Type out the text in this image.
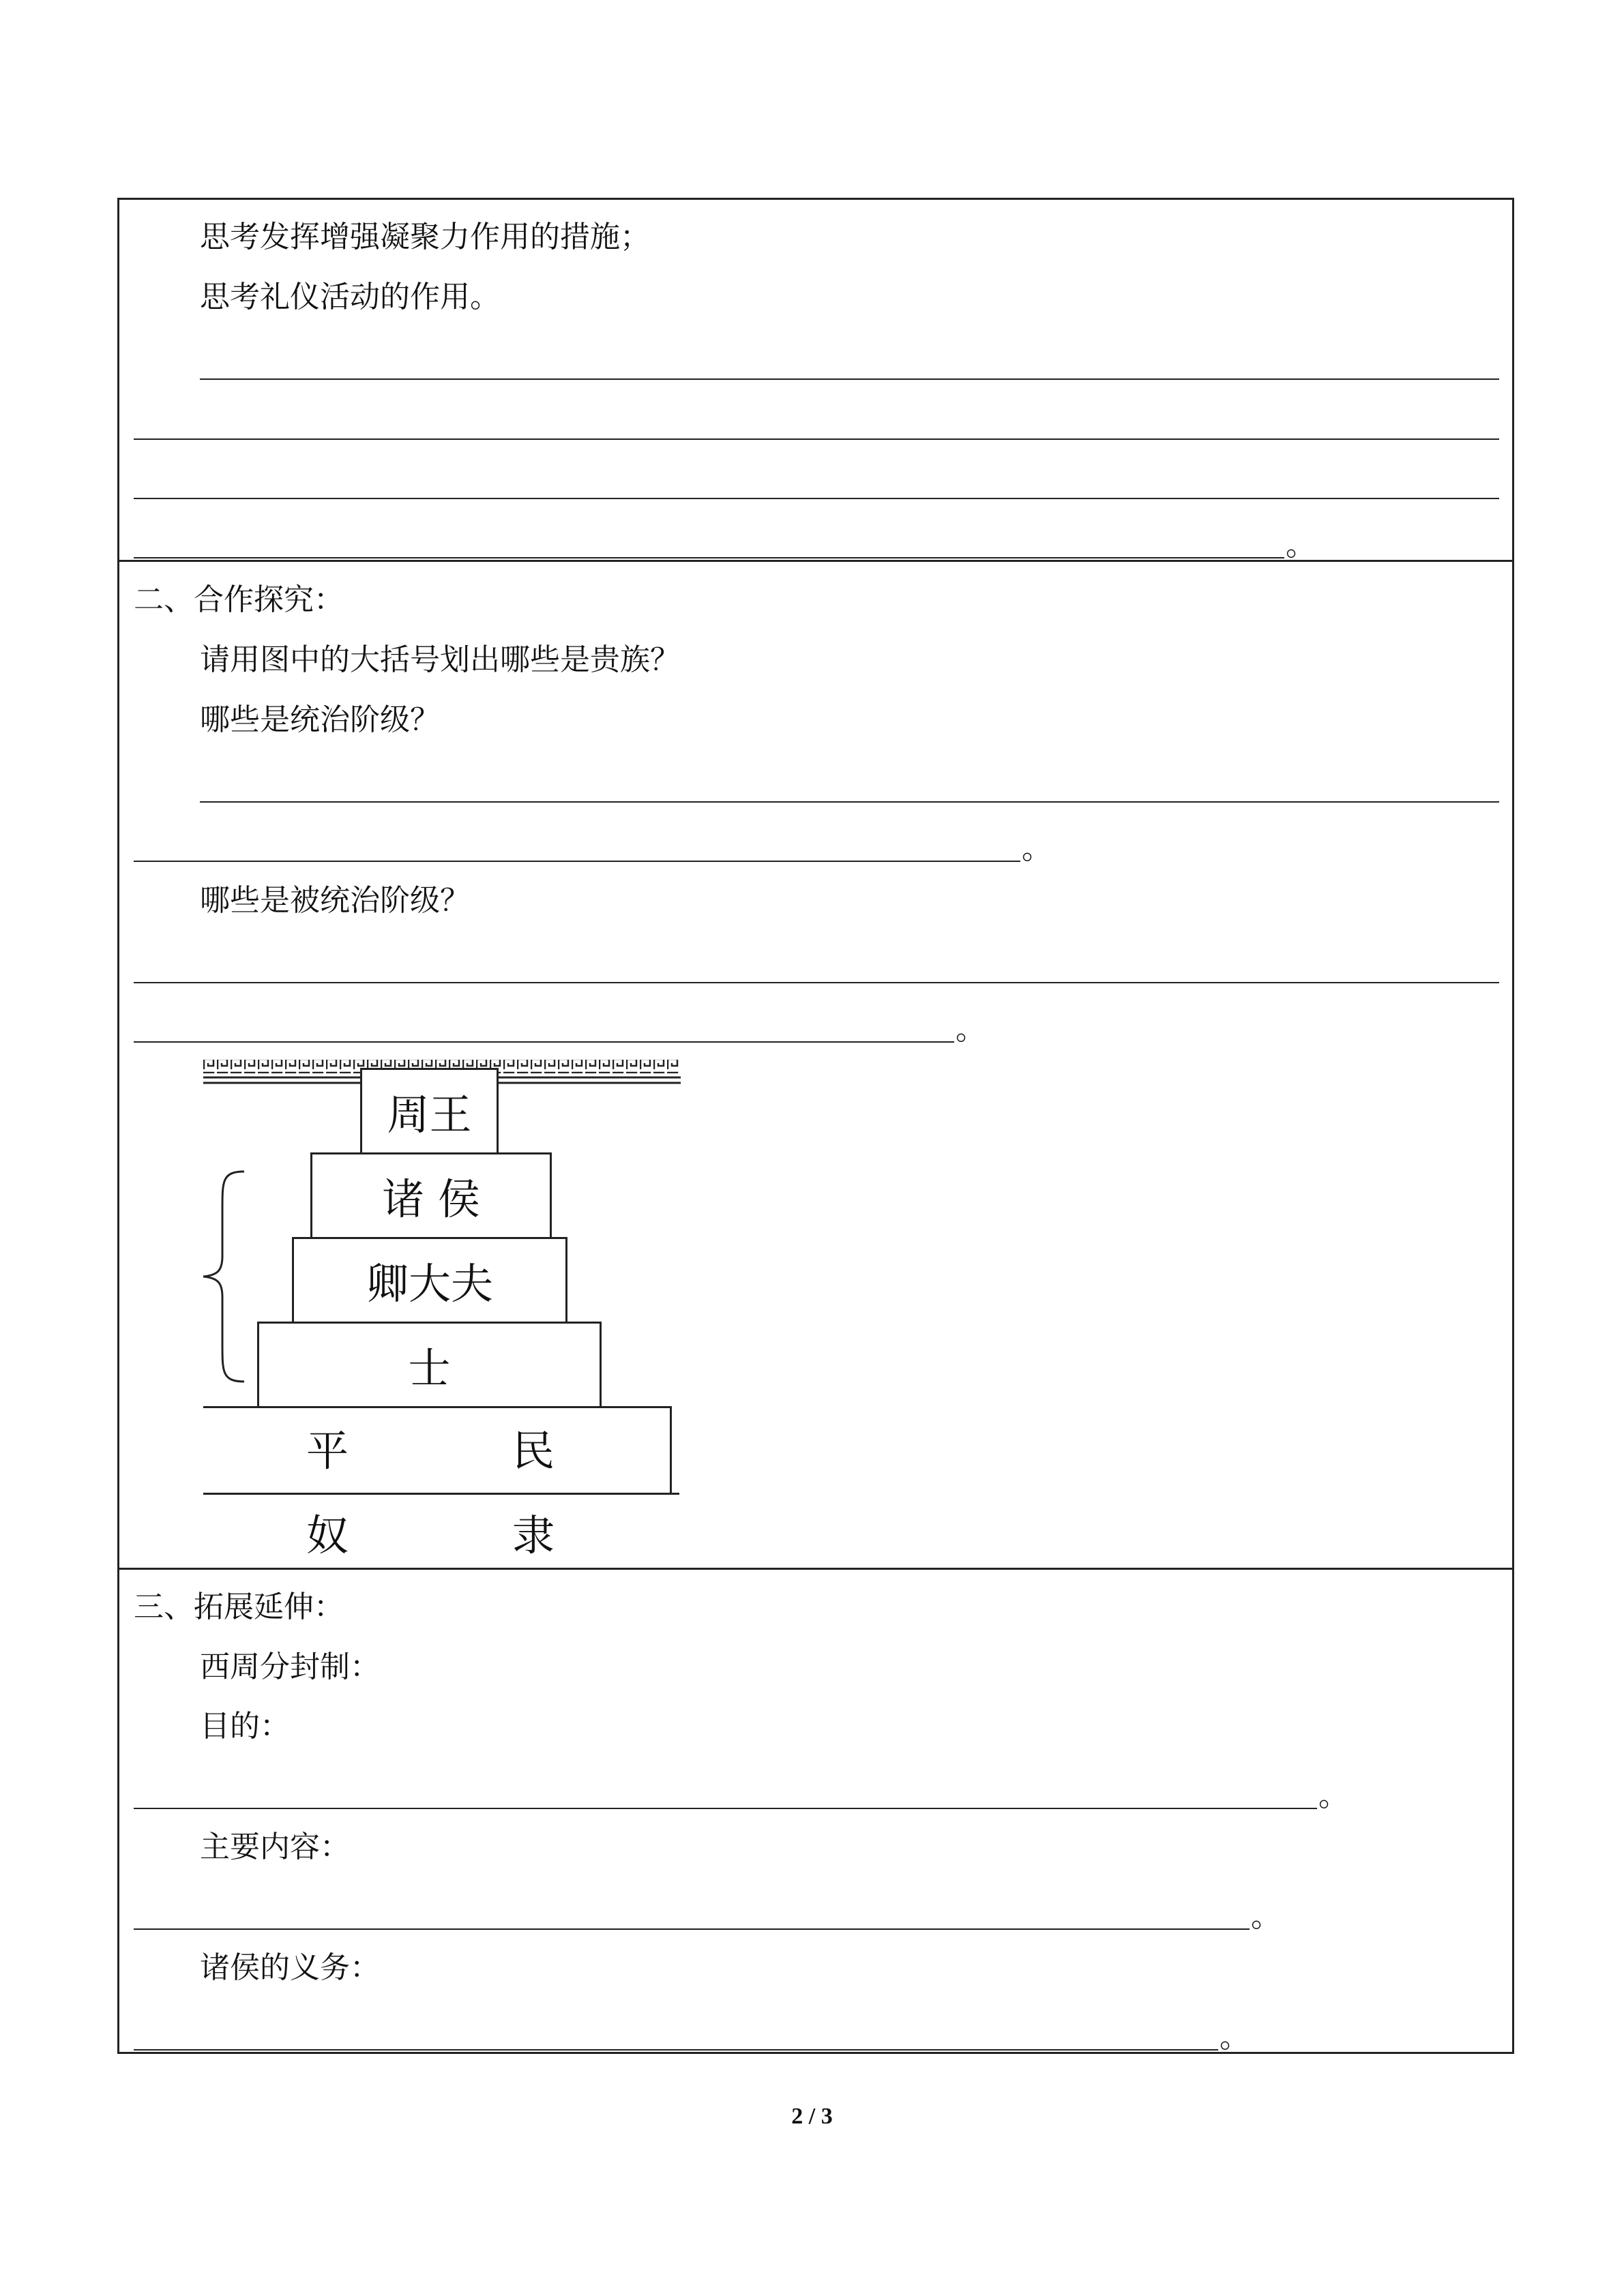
思考发挥增强凝聚力作用的措施；
思考礼仪活动的作用。
。
二、合作探究：
请用图中的大括号划出哪些是贵族？
哪些是统治阶级？
。
哪些是被统治阶级？
。
周王
诸 侯
卿大夫
士
平	民
奴	隶
三、拓展延伸：
西周分封制：
目的：
。
主要内容：
。
诸侯的义务：
。
2 / 3
